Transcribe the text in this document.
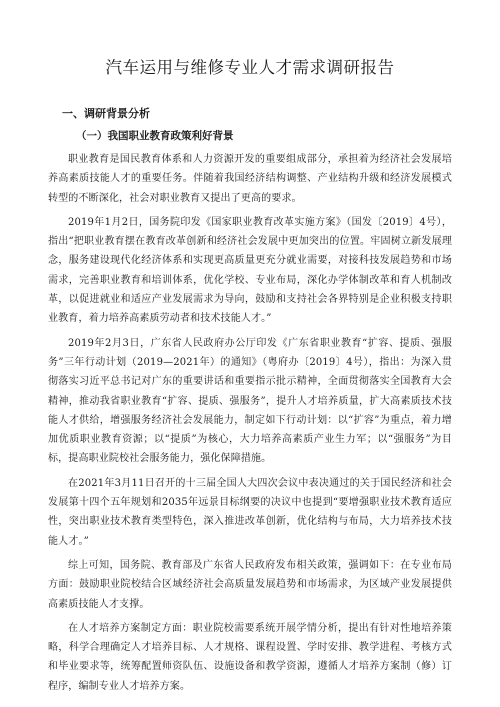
汽车运用与维修专业人才需求调研报告
一、调研背景分析
（一）我国职业教育政策利好背景

职业教育是国民教育体系和人力资源开发的重要组成部分，承担着为经济社会发展培养高素质技能人才的重要任务。伴随着我国经济结构调整、产业结构升级和经济发展模式转型的不断深化，社会对职业教育又提出了更高的要求。

2019年1月2日，国务院印发《国家职业教育改革实施方案》（国发〔2019〕4号），指出“把职业教育摆在教育改革创新和经济社会发展中更加突出的位置。牢固树立新发展理念，服务建设现代化经济体系和实现更高质量更充分就业需要，对接科技发展趋势和市场需求，完善职业教育和培训体系，优化学校、专业布局，深化办学体制改革和育人机制改革，以促进就业和适应产业发展需求为导向，鼓励和支持社会各界特别是企业积极支持职业教育，着力培养高素质劳动者和技术技能人才。”

2019年2月3日，广东省人民政府办公厅印发《广东省职业教育“扩容、提质、强服务”三年行动计划（2019—2021年）的通知》（粤府办〔2019〕4号），指出：为深入贯彻落实习近平总书记对广东的重要讲话和重要指示批示精神，全面贯彻落实全国教育大会精神，推动我省职业教育“扩容、提质、强服务”，提升人才培养质量，扩大高素质技术技能人才供给，增强服务经济社会发展能力，制定如下行动计划：以“扩容”为重点，着力增加优质职业教育资源；以“提质”为核心，大力培养高素质产业生力军；以“强服务”为目标，提高职业院校社会服务能力，强化保障措施。

在2021年3月11日召开的十三届全国人大四次会议中表决通过的关于国民经济和社会发展第十四个五年规划和2035年远景目标纲要的决议中也提到“要增强职业技术教育适应性，突出职业技术教育类型特色，深入推进改革创新，优化结构与布局，大力培养技术技能人才。”

综上可知，国务院、教育部及广东省人民政府发布相关政策，强调如下：在专业布局方面：鼓励职业院校结合区域经济社会高质量发展趋势和市场需求，为区域产业发展提供高素质技能人才支撑。

在人才培养方案制定方面：职业院校需要系统开展学情分析，提出有针对性地培养策略，科学合理确定人才培养目标、人才规格、课程设置、学时安排、教学进程、考核方式和毕业要求等，统筹配置师资队伍、设施设备和教学资源，遵循人才培养方案制（修）订程序，编制专业人才培养方案。
